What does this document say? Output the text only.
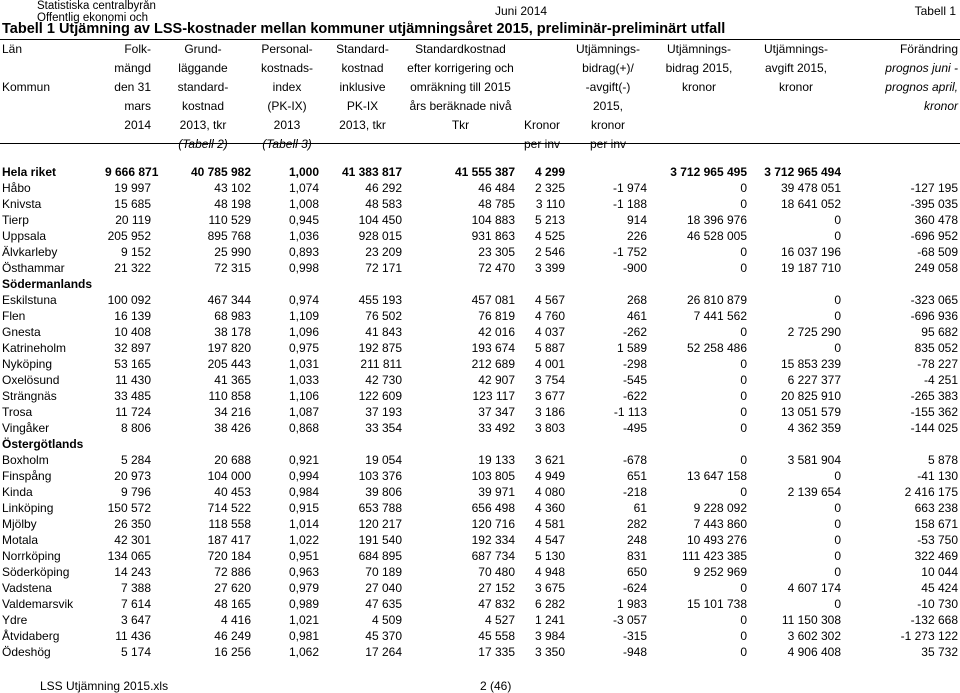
Statistiska centralbyrån Offentlig ekonomi och	Juni 2014	Tabell 1
Tabell 1 Utjämning av LSS-kostnader mellan kommuner utjämningsåret 2015, preliminär-preliminärt utfall
Län	Folk-	Grund-	Personal-	Standard-	Standardkostnad		Utjämnings-	Utjämnings-	Utjämnings-	Förändring
	mängd	läggande	kostnads-	kostnad	efter korrigering och		bidrag(+)/	bidrag 2015,	avgift 2015,	prognos juni -
Kommun	den 31	standard-	index	inklusive	omräkning till 2015		-avgift(-)	kronor	kronor	prognos april,
	mars	kostnad	(PK-IX)	PK-IX	års beräknade nivå		2015,			kronor
	2014	2013, tkr	2013	2013, tkr	Tkr	Kronor	kronor			
		(Tabell 2)	(Tabell 3)			per inv	per inv			

Hela riket	9 666 871	40 785 982	1,000	41 383 817	41 555 387	4 299		3 712 965 495	3 712 965 494	
Håbo	19 997	43 102	1,074	46 292	46 484	2 325	-1 974	0	39 478 051	-127 195
Knivsta	15 685	48 198	1,008	48 583	48 785	3 110	-1 188	0	18 641 052	-395 035
Tierp	20 119	110 529	0,945	104 450	104 883	5 213	914	18 396 976	0	360 478
Uppsala	205 952	895 768	1,036	928 015	931 863	4 525	226	46 528 005	0	-696 952
Älvkarleby	9 152	25 990	0,893	23 209	23 305	2 546	-1 752	0	16 037 196	-68 509
Östhammar	21 322	72 315	0,998	72 171	72 470	3 399	-900	0	19 187 710	249 058
Södermanlands										
Eskilstuna	100 092	467 344	0,974	455 193	457 081	4 567	268	26 810 879	0	-323 065
Flen	16 139	68 983	1,109	76 502	76 819	4 760	461	7 441 562	0	-696 936
Gnesta	10 408	38 178	1,096	41 843	42 016	4 037	-262	0	2 725 290	95 682
Katrineholm	32 897	197 820	0,975	192 875	193 674	5 887	1 589	52 258 486	0	835 052
Nyköping	53 165	205 443	1,031	211 811	212 689	4 001	-298	0	15 853 239	-78 227
Oxelösund	11 430	41 365	1,033	42 730	42 907	3 754	-545	0	6 227 377	-4 251
Strängnäs	33 485	110 858	1,106	122 609	123 117	3 677	-622	0	20 825 910	-265 383
Trosa	11 724	34 216	1,087	37 193	37 347	3 186	-1 113	0	13 051 579	-155 362
Vingåker	8 806	38 426	0,868	33 354	33 492	3 803	-495	0	4 362 359	-144 025
Östergötlands										
Boxholm	5 284	20 688	0,921	19 054	19 133	3 621	-678	0	3 581 904	5 878
Finspång	20 973	104 000	0,994	103 376	103 805	4 949	651	13 647 158	0	-41 130
Kinda	9 796	40 453	0,984	39 806	39 971	4 080	-218	0	2 139 654	2 416 175
Linköping	150 572	714 522	0,915	653 788	656 498	4 360	61	9 228 092	0	663 238
Mjölby	26 350	118 558	1,014	120 217	120 716	4 581	282	7 443 860	0	158 671
Motala	42 301	187 417	1,022	191 540	192 334	4 547	248	10 493 276	0	-53 750
Norrköping	134 065	720 184	0,951	684 895	687 734	5 130	831	111 423 385	0	322 469
Söderköping	14 243	72 886	0,963	70 189	70 480	4 948	650	9 252 969	0	10 044
Vadstena	7 388	27 620	0,979	27 040	27 152	3 675	-624	0	4 607 174	45 424
Valdemarsvik	7 614	48 165	0,989	47 635	47 832	6 282	1 983	15 101 738	0	-10 730
Ydre	3 647	4 416	1,021	4 509	4 527	1 241	-3 057	0	11 150 308	-132 668
Åtvidaberg	11 436	46 249	0,981	45 370	45 558	3 984	-315	0	3 602 302	-1 273 122
Ödeshög	5 174	16 256	1,062	17 264	17 335	3 350	-948	0	4 906 408	35 732
LSS Utjämning 2015.xls	2 (46)
